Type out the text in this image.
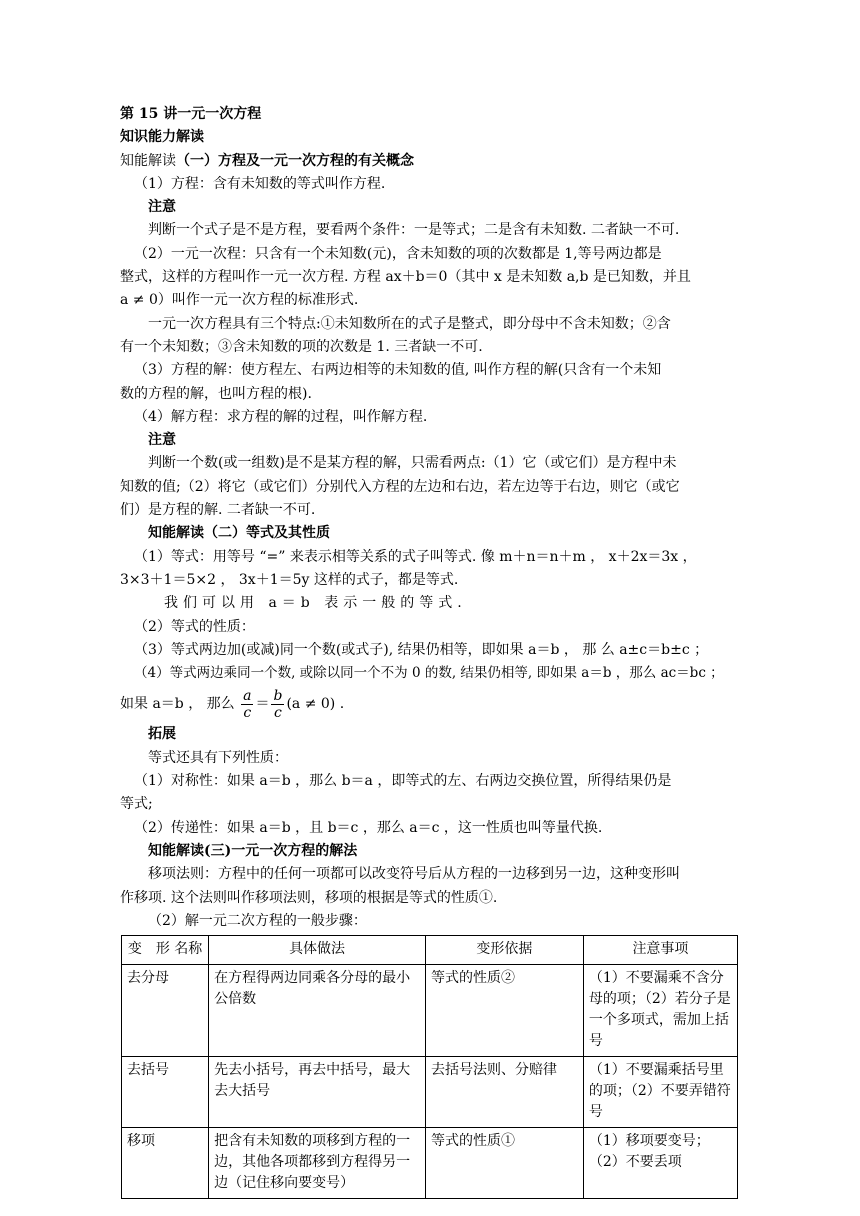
第 15 讲一元一次方程
知识能力解读
知能解读（一）方程及一元一次方程的有关概念
（1）方程：含有未知数的等式叫作方程.
注意
判断一个式子是不是方程，要看两个条件：一是等式；二是含有未知数. 二者缺一不可.
（2）一元一次程：只含有一个未知数(元)，含未知数的项的次数都是 1,等号两边都是
整式，这样的方程叫作一元一次方程. 方程 ax＋b＝0（其中 x 是未知数 a,b 是已知数，并且
a ≠ 0）叫作一元一次方程的标准形式.
一元一次方程具有三个特点:①未知数所在的式子是整式，即分母中不含未知数；②含
有一个未知数；③含未知数的项的次数是 1. 三者缺一不可.
（3）方程的解：使方程左、右两边相等的未知数的值, 叫作方程的解(只含有一个未知
数的方程的解，也叫方程的根).
（4）解方程：求方程的解的过程，叫作解方程.
注意
判断一个数(或一组数)是不是某方程的解，只需看两点:（1）它（或它们）是方程中未
知数的值;（2）将它（或它们）分别代入方程的左边和右边，若左边等于右边，则它（或它
们）是方程的解. 二者缺一不可.
知能解读（二）等式及其性质
（1）等式：用等号 “=” 来表示相等关系的式子叫等式. 像 m＋n＝n＋m ， x＋2x＝3x ，
3×3＋1＝5×2 ， 3x＋1＝5y 这样的式子，都是等式.
我们可以用 a＝b 表示一般的等式.
（2）等式的性质：
（3）等式两边加(或减)同一个数(或式子), 结果仍相等，即如果 a＝b ， 那 么 a±c＝b±c ；
（4）等式两边乘同一个数, 或除以同一个不为 0 的数, 结果仍相等, 即如果 a＝b ，那么 ac＝bc ；
如果 a＝b ， 那么 $\frac{a}{c} = \frac{b}{c} (a \ne 0)$ .
拓展
等式还具有下列性质：
（1）对称性：如果 a＝b ，那么 b＝a ，即等式的左、右两边交换位置，所得结果仍是
等式;
（2）传递性：如果 a＝b ，且 b＝c ，那么 a＝c ，这一性质也叫等量代换.
知能解读(三)一元一次方程的解法
移项法则：方程中的任何一项都可以改变符号后从方程的一边移到另一边，这种变形叫
作移项. 这个法则叫作移项法则，移项的根据是等式的性质①.
（2）解一元二次方程的一般步骤：
变　形 名称	具体做法	变形依据	注意事项
去分母	在方程得两边同乘各分母的最小公倍数	等式的性质②	（1）不要漏乘不含分母的项；（2）若分子是一个多项式，需加上括号
去括号	先去小括号，再去中括号，最大去大括号	去括号法则、分赔律	（1）不要漏乘括号里的项；（2）不要弄错符号
移项	把含有未知数的项移到方程的一边，其他各项都移到方程得另一边（记住移向要变号）	等式的性质①	（1）移项要变号；（2）不要丢项
